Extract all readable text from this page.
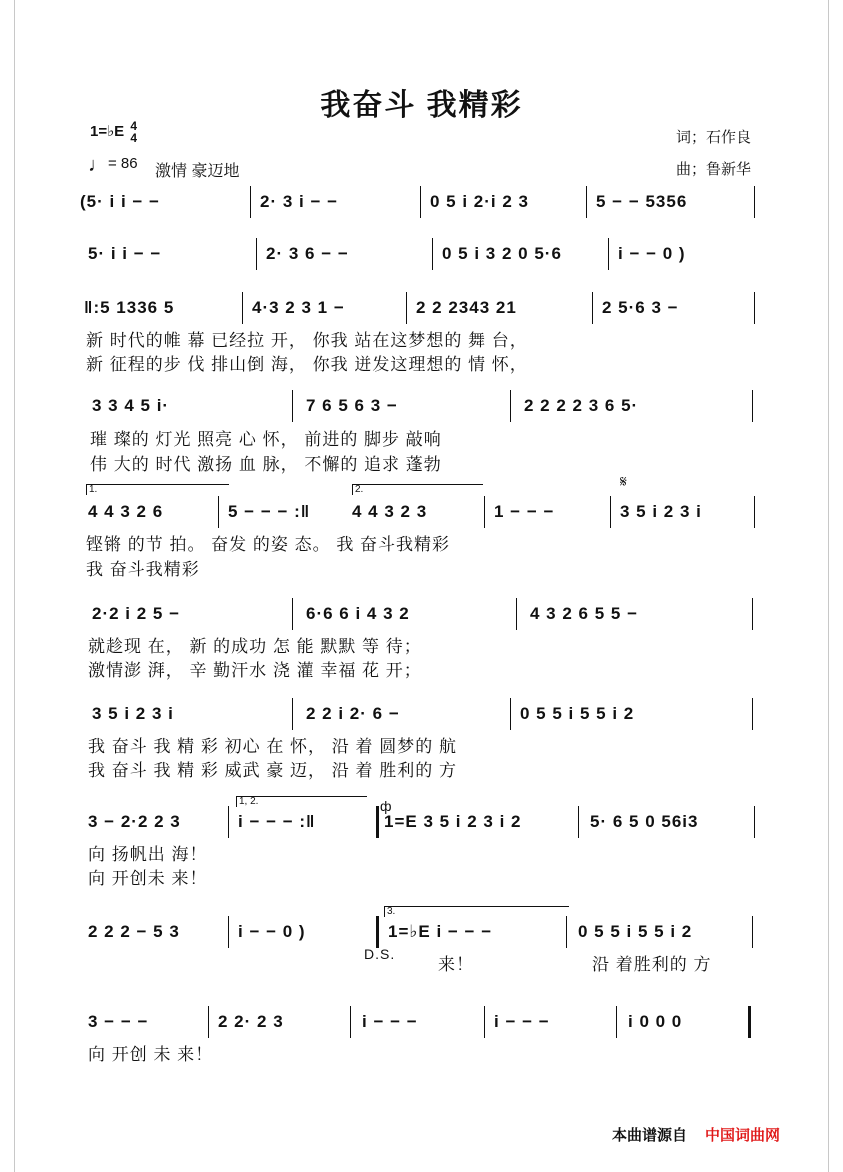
我奋斗 我精彩
1=♭E 4
4
♩= 86 激情 豪迈地
词；石作良
曲；鲁新华
(5· i i − −	2· 3 i − −	0 5 i 2·i 2 3	5 − − 5356
5· i i − −	2· 3 6 − −	0 5 i 3 2 0 5·6	i − − 0 )
‖:5 1336 5	4·3 2 3 1 −	2 2 2343 21	2 5·6 3 −
新 时代的帷 幕 已经拉 开， 你我 站在这梦想的 舞 台，
新 征程的步 伐 排山倒 海， 你我 迸发这理想的 情 怀，
3 3 4 5 i·	7 6 5 6 3 −	2 2 2 2 3 6 5·
璀 璨的 灯光 照亮 心 怀， 前进的 脚步 敲响
伟 大的 时代 激扬 血 脉， 不懈的 追求 蓬勃
1.	2.	𝄋
4 4 3 2 6	5 − − − :‖ 4 4 3 2 3	1 − − −	3 5 i 2 3 i
铿锵 的节 拍。 奋发 的姿 态。 我 奋斗我精彩
我 奋斗我精彩
2·2 i 2 5 −	6·6 6 i 4 3 2	4 3 2 6 5 5 −
就趁现 在， 新 的成功 怎 能 默默 等 待；
激情澎 湃， 辛 勤汗水 浇 灌 幸福 花 开；
3 5 i 2 3 i	2 2 i 2· 6 −	0 5 5 i 5 5 i 2
我 奋斗 我 精 彩 初心 在 怀， 沿 着 圆梦的 航
我 奋斗 我 精 彩 威武 豪 迈， 沿 着 胜利的 方
1, 2.	ф
3 − 2·2 2 3	i − − − :‖	1=E 3 5 i 2 3 i 2	5· 6 5 0 56i3
向 扬帆出 海！
向 开创未 来！
3.
2 2 2 − 5 3	i − − 0 )	1=♭E i − − −	0 5 5 i 5 5 i 2
D.S.
来！	沿 着胜利的 方
3 − − −	2 2· 2 3	i − − −	i − − −	i 0 0 0
向 开创 未 来！
本曲谱源自 中国词曲网
